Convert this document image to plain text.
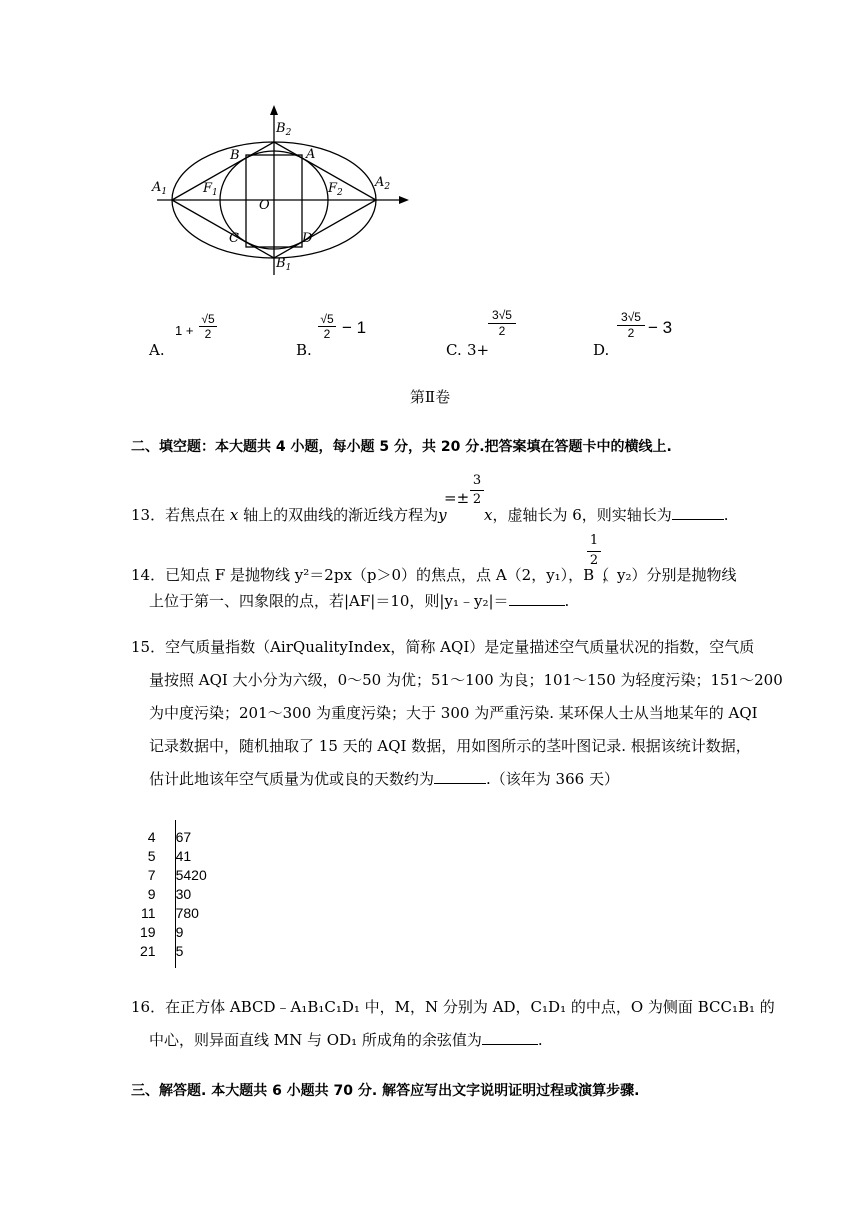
$B_2$
B	A
$A_1$	$F_1$
O
$F_2$
$A_2$
C	D
$B_1$
A.
$1 + \frac{√5}{2}$
B.
$\frac{√5}{2} - 1$
C. 3+
$\frac{3√5}{2}$
D.
$\frac{3√5}{2} - 3$
第Ⅱ卷
二、填空题：本大题共 4 小题，每小题 5 分，共 20 分.把答案填在答题卡中的横线上.
13．若焦点在 x 轴上的双曲线的渐近线方程为y
=± $\frac{3}{2}$
x，虚轴长为 6，则实轴长为	.
14．已知点 F 是抛物线 y²＝2px（p＞0）的焦点，点 A（2，y₁），B（
$\frac{1}{2}$
，y₂）分别是抛物线
上位于第一、四象限的点，若|AF|＝10，则|y₁﹣y₂|＝	.
15．空气质量指数（AirQualityIndex，简称 AQI）是定量描述空气质量状况的指数，空气质
量按照 AQI 大小分为六级，0～50 为优；51～100 为良；101～150 为轻度污染；151～200
为中度污染；201～300 为重度污染；大于 300 为严重污染. 某环保人士从当地某年的 AQI
记录数据中，随机抽取了 15 天的 AQI 数据，用如图所示的茎叶图记录. 根据该统计数据，
估计此地该年空气质量为优或良的天数约为	.（该年为 366 天）
4	6	7		
5	4	1		
7	5	4	2	0
9	3	0		
11	7	8	0	
19	9			
21	5			
16．在正方体 ABCD﹣A₁B₁C₁D₁ 中，M，N 分别为 AD，C₁D₁ 的中点，O 为侧面 BCC₁B₁ 的
中心，则异面直线 MN 与 OD₁ 所成角的余弦值为	.
三、解答题. 本大题共 6 小题共 70 分. 解答应写出文字说明证明过程或演算步骤.
